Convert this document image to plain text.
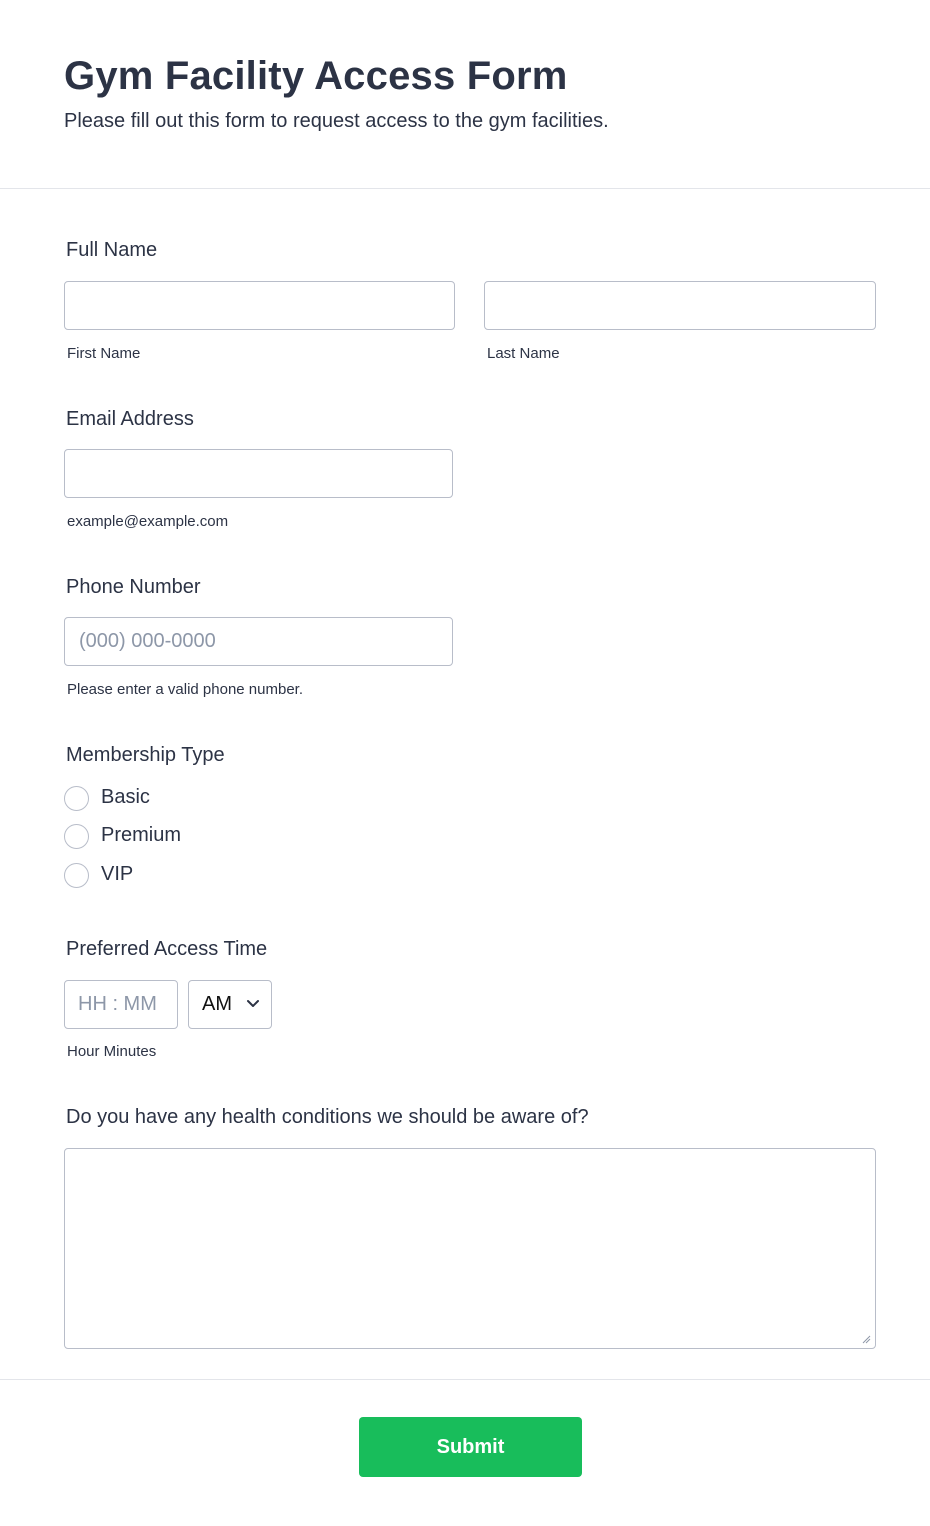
Gym Facility Access Form

Please fill out this form to request access to the gym facilities.

Full Name
First Name	Last Name
Email Address
example@example.com
Phone Number
(000) 000-0000
Please enter a valid phone number.
Membership Type
Basic
Premium
VIP
Preferred Access Time
HH : MM AM
Hour Minutes
Do you have any health conditions we should be aware of?
Submit
